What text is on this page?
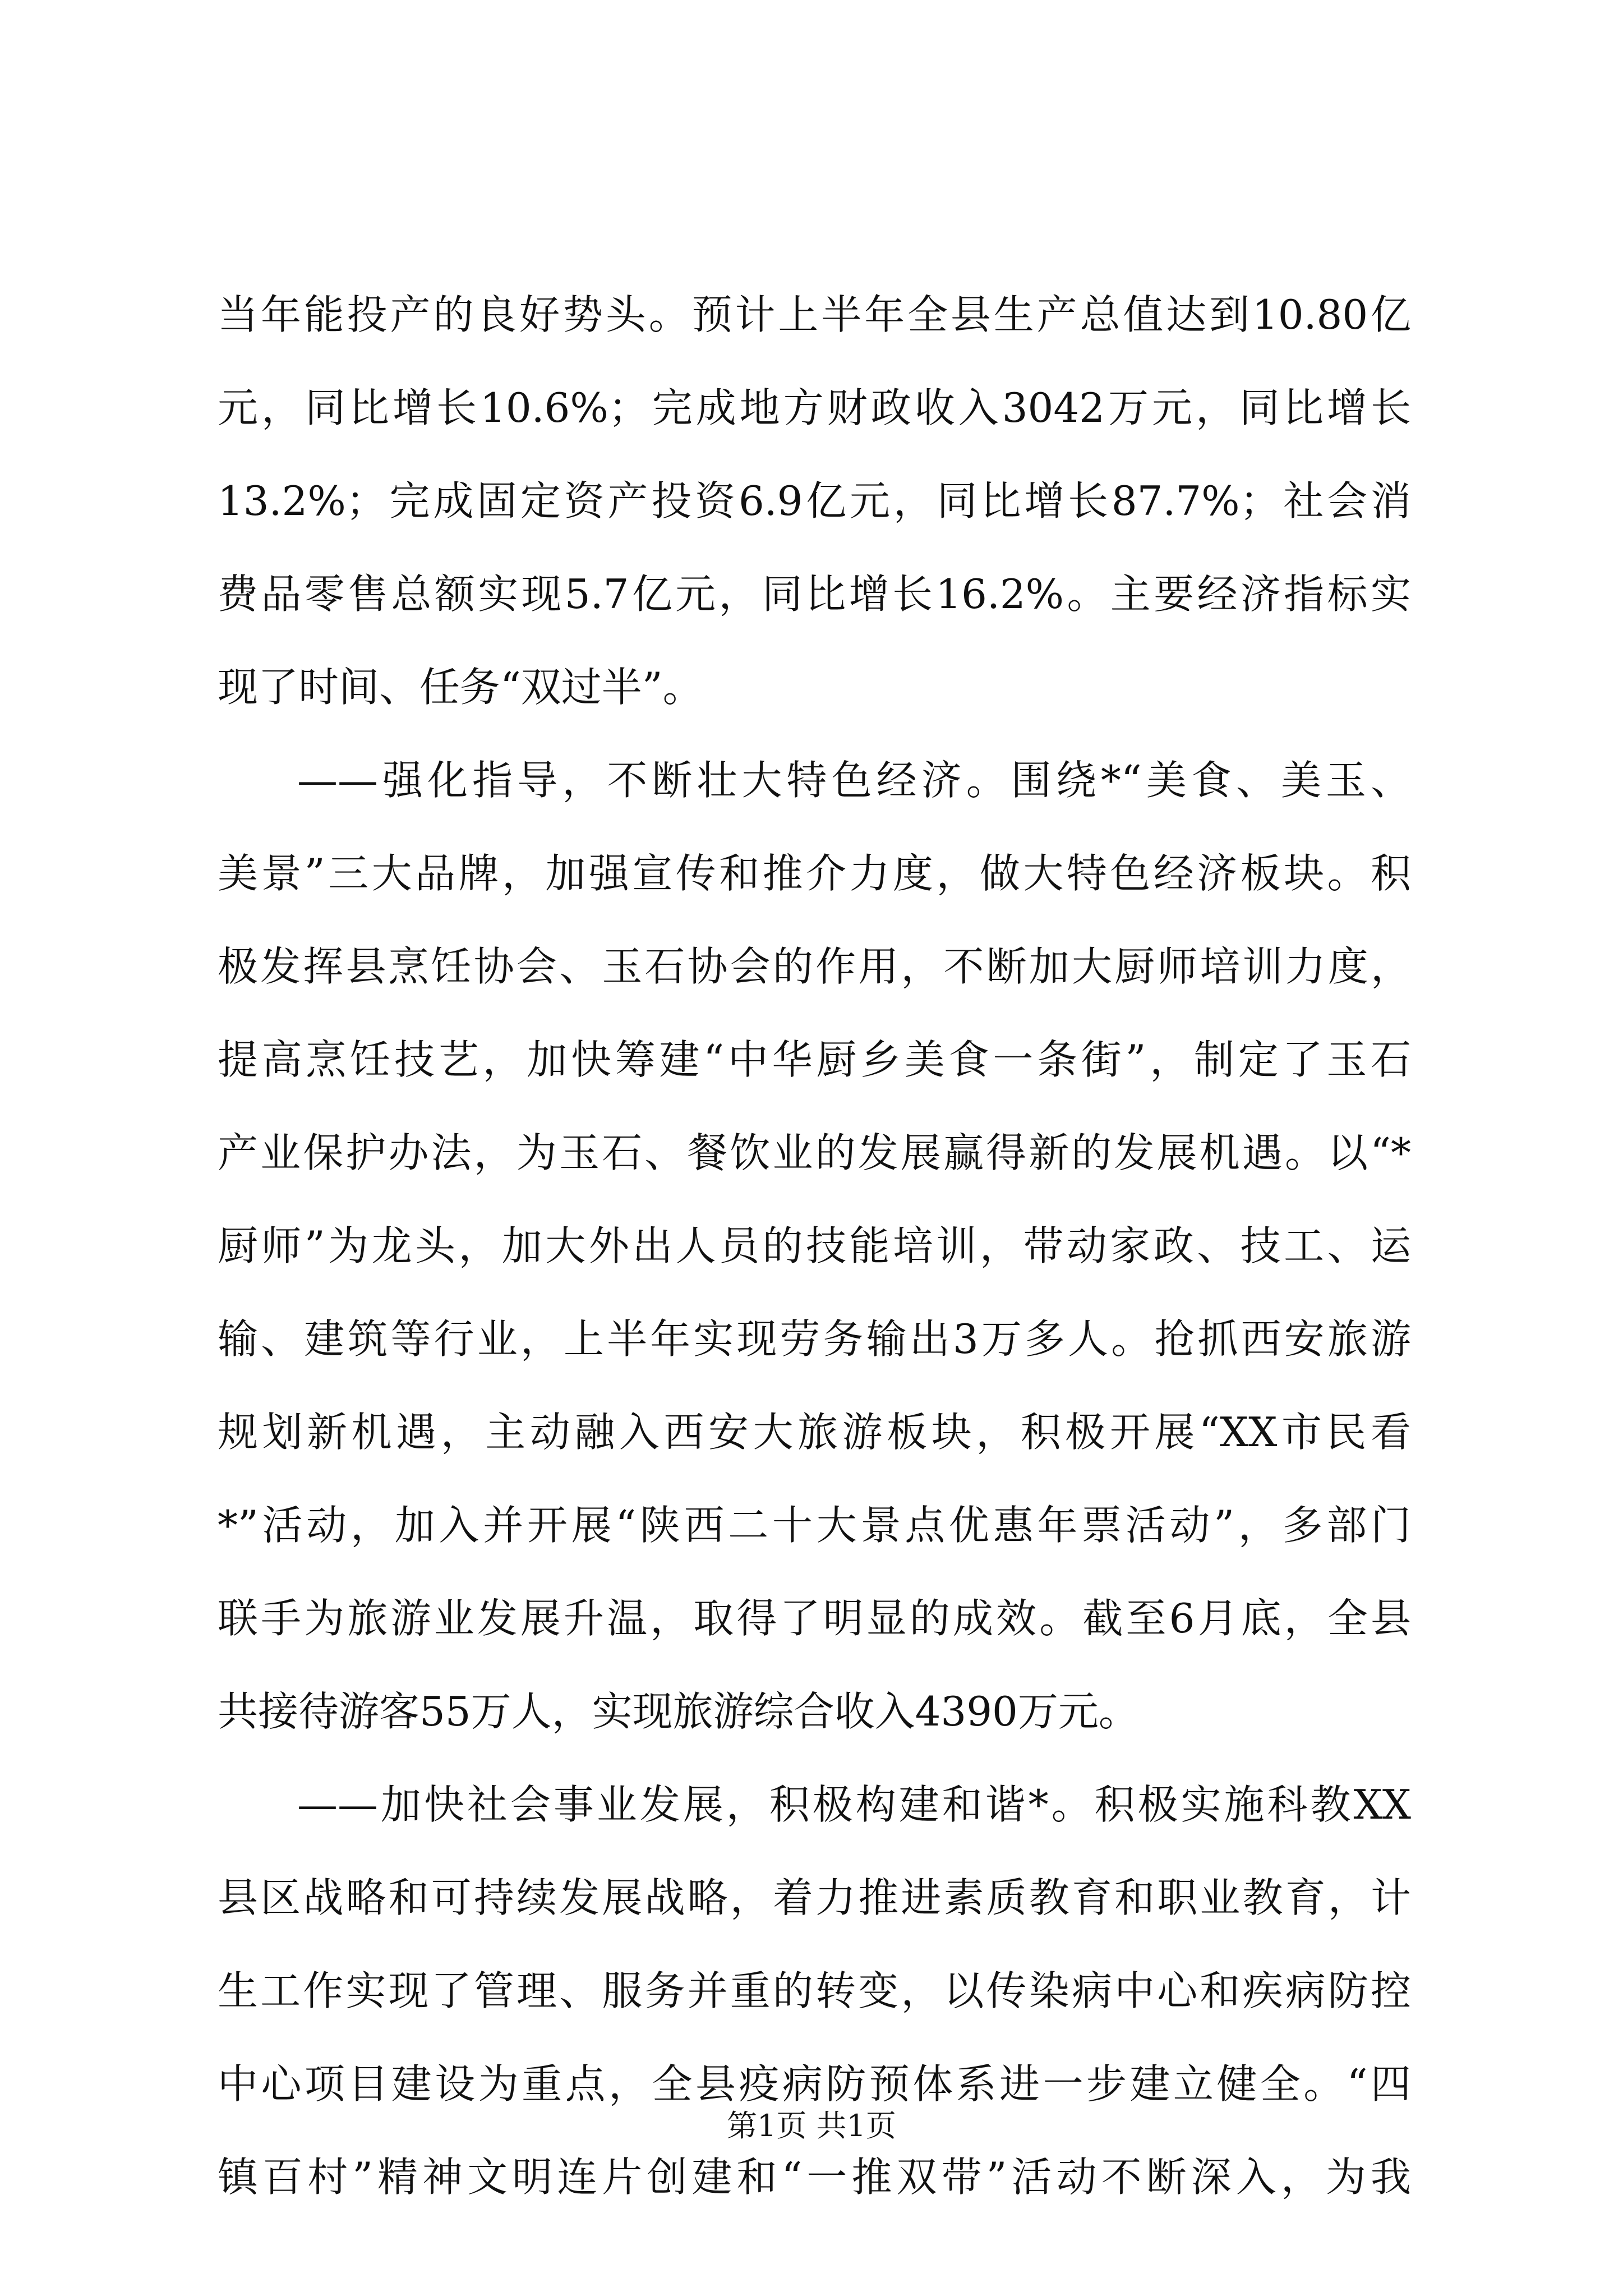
当年能投产的良好势头。预计上半年全县生产总值达到10.80亿
元，同比增长10.6%；完成地方财政收入3042万元，同比增长
13.2%；完成固定资产投资6.9亿元，同比增长87.7%；社会消
费品零售总额实现5.7亿元，同比增长16.2%。主要经济指标实
现了时间、任务“双过半”。
——强化指导，不断壮大特色经济。围绕*“美食、美玉、
美景”三大品牌，加强宣传和推介力度，做大特色经济板块。积
极发挥县烹饪协会、玉石协会的作用，不断加大厨师培训力度，
提高烹饪技艺，加快筹建“中华厨乡美食一条街”，制定了玉石
产业保护办法，为玉石、餐饮业的发展赢得新的发展机遇。以“*
厨师”为龙头，加大外出人员的技能培训，带动家政、技工、运
输、建筑等行业，上半年实现劳务输出3万多人。抢抓西安旅游
规划新机遇，主动融入西安大旅游板块，积极开展“XX市民看
*”活动，加入并开展“陕西二十大景点优惠年票活动”，多部门
联手为旅游业发展升温，取得了明显的成效。截至6月底，全县
共接待游客55万人，实现旅游综合收入4390万元。
——加快社会事业发展，积极构建和谐*。积极实施科教XX
县区战略和可持续发展战略，着力推进素质教育和职业教育，计
生工作实现了管理、服务并重的转变，以传染病中心和疾病防控
中心项目建设为重点，全县疫病防预体系进一步建立健全。“四
镇百村”精神文明连片创建和“一推双带”活动不断深入，为我
第1页 共1页
